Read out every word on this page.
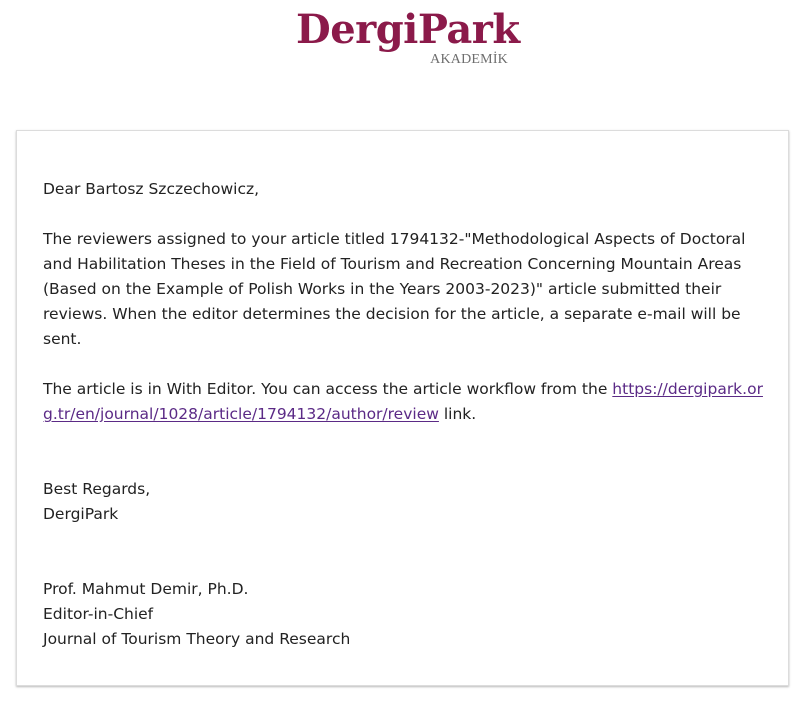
DergiPark
AKADEMİK

Dear Bartosz Szczechowicz,

The reviewers assigned to your article titled 1794132-"Methodological Aspects of Doctoral and Habilitation Theses in the Field of Tourism and Recreation Concerning Mountain Areas (Based on the Example of Polish Works in the Years 2003-2023)" article submitted their reviews. When the editor determines the decision for the article, a separate e-mail will be sent.

The article is in With Editor. You can access the article workflow from the https://dergipark.org.tr/en/journal/1028/article/1794132/author/review link.

Best Regards,
DergiPark

Prof. Mahmut Demir, Ph.D.
Editor-in-Chief
Journal of Tourism Theory and Research
